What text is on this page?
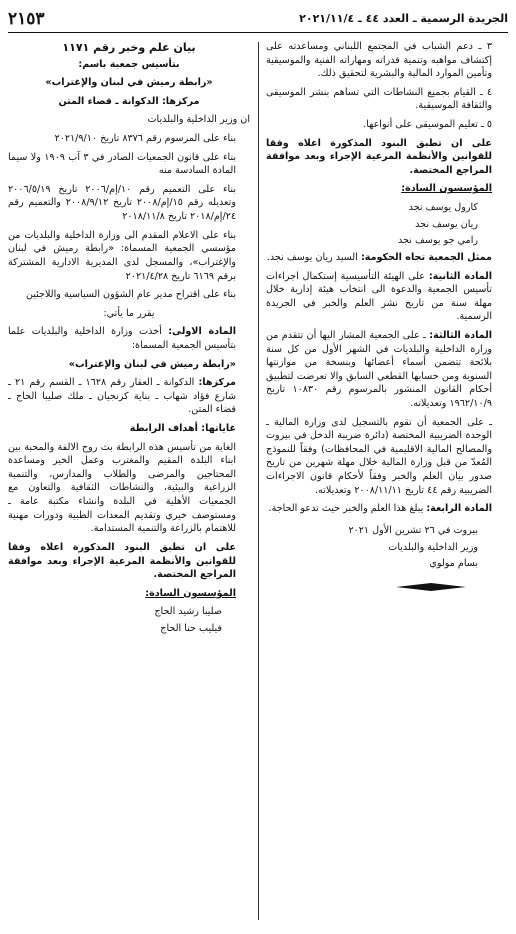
الجريدة الرسمية ـ العدد ٤٤ ـ ٢٠٢١/١١/٤
٢١٥٣

٣ ـ دعم الشباب في المجتمع اللبناني ومساعدته على إكتشاف مواهبه وتنمية قدراته ومهاراته الفنية والموسيقية وتأمين الموارد المالية والبشرية لتحقيق ذلك.

٤ ـ القيام بجميع النشاطات التي تساهم بنشر الموسيقى والثقافة الموسيقية.

٥ ـ تعليم الموسيقى على أنواعها.

على ان تطبق البنود المذكورة اعلاه وفقا للقوانين والأنظمة المرعية الإجراء وبعد موافقة المراجع المختصة.

المؤسسون السادة:

كارول يوسف نجد

ريان يوسف نجد

رامي جو يوسف نجد

ممثل الجمعية تجاه الحكومة: السيد ريان يوسف نجد.

المادة الثانية: على الهيئة التأسيسية إستكمال اجراءات تأسيس الجمعية والدعوة الى انتخاب هيئة إدارية خلال مهلة سنة من تاريخ نشر العلم والخبر في الجريدة الرسمية.

المادة الثالثة: ـ على الجمعية المشار اليها أن تتقدم من وزارة الداخلية والبلديات في الشهر الأول من كل سنة بلائحة تتضمن أسماء أعضائها وبنسخة من موازنتها السنوية ومن حسابها القطعي السابق والا تعرضت لتطبيق أحكام القانون المنشور بالمرسوم رقم ١٠٨٣٠ تاريخ ١٩٦٢/١٠/٩ وتعديلاته.

ـ على الجمعية أن تقوم بالتسجيل لدى وزارة المالية ـ الوحدة الضريبية المختصة (دائرة ضريبة الدخل في بيروت والمصالح المالية الاقليمية في المحافظات) وفقاً للنموذج المُعدّ من قبل وزارة المالية خلال مهلة شهرين من تاريخ صدور بيان العلم والخبر وفقاً لأحكام قانون الاجراءات الضريبية رقم ٤٤ تاريخ ٢٠٠٨/١١/١١ وتعديلاته.

المادة الرابعة: يبلغ هذا العلم والخبر حيث تدعو الحاجة.

بيروت في ٢٦ تشرين الأول ٢٠٢١

وزير الداخلية والبلديات

بسام مولوي

بيان علم وخبر رقم ١١٧١

بتأسيس جمعية باسم:

«رابطة رميش في لبنان والإغتراب»

مركزها: الدكوانة ـ قضاء المتن

ان وزير الداخلية والبلديات

بناء على المرسوم رقم ٨٣٧٦ تاريخ ٢٠٢١/٩/١٠

بناء على قانون الجمعيات الصادر في ٣ آب ١٩٠٩ ولا سيما المادة السادسة منه

بناء على التعميم رقم ١٠/إم/٢٠٠٦ تاريخ ٢٠٠٦/٥/١٩ وتعديله رقم ١٥/إم/٢٠٠٨ تاريخ ٢٠٠٨/٩/١٢ والتعميم رقم ٢٤/إم/٢٠١٨ تاريخ ٢٠١٨/١١/٨

بناء على الاعلام المقدم الى وزارة الداخلية والبلديات من مؤسسي الجمعية المسماة: «رابطة رميش في لبنان والإغتراب»، والمسجل لدى المديرية الادارية المشتركة برقم ٦١٦٩ تاريخ ٢٠٢١/٤/٢٨

بناء على اقتراح مدير عام الشؤون السياسية واللاجئين

يقرر ما يأتي:

المادة الاولى: أخذت وزارة الداخلية والبلديات علما بتأسيس الجمعية المسماة:

«رابطة رميش في لبنان والإغتراب»

مركزها: الدكوانة ـ العقار رقم ١٦٢٨ ـ القسم رقم ٢١ ـ شارع فؤاد شهاب ـ بناية كزنجيان ـ ملك صليبا الحاج ـ قضاء المتن.

غاياتها: أهداف الرابطة

الغاية من تأسيس هذه الرابطة بث روح الالفة والمحبة بين ابناء البلدة المقيم والمغترب وعمل الخير ومساعدة المحتاجين والمرضى والطلاب والمدارس، والتنمية الزراعية والبيئية، والنشاطات الثقافية والتعاون مع الجمعيات الأهلية في البلدة وانشاء مكتبة عامة ـ ومستوصف خيري وتقديم المعدات الطبية ودورات مهنية للاهتمام بالزراعة والتنمية المستدامة.

على ان تطبق البنود المذكورة اعلاه وفقا للقوانين والأنظمة المرعية الإجراء وبعد موافقة المراجع المختصة.

المؤسسون السادة:

صليبا رشيد الحاج

فيليب حنا الحاج
